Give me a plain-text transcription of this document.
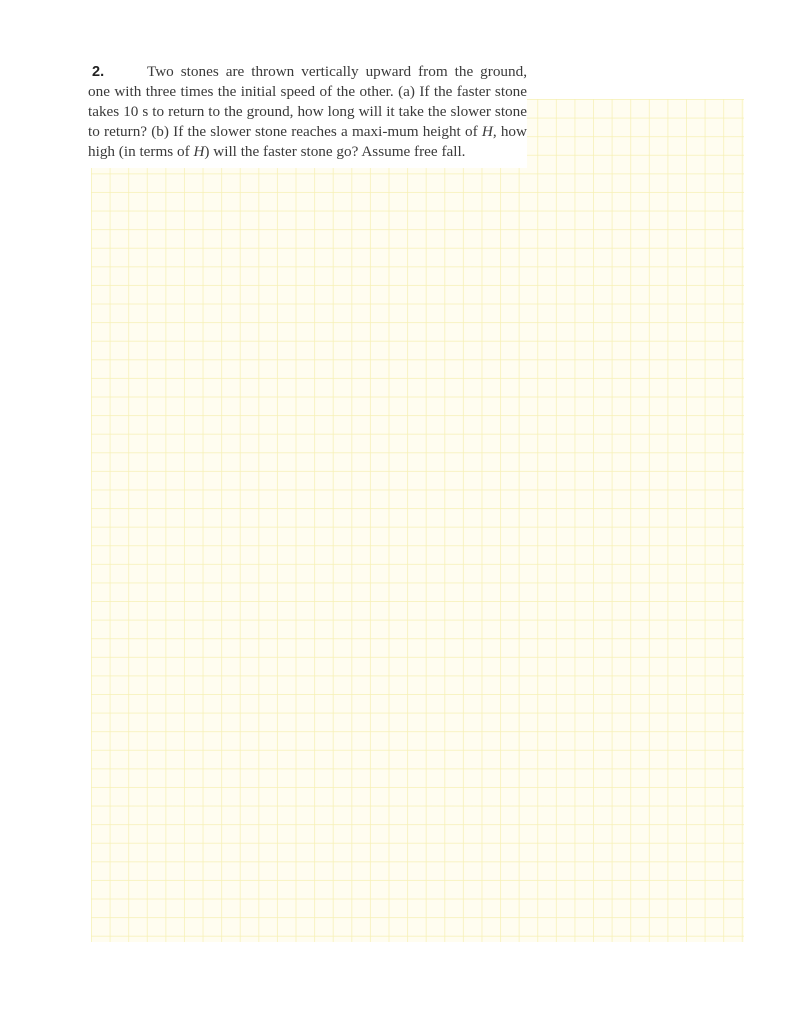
2.	Two stones are thrown vertically upward from the ground, one with three times the initial speed of the other. (a) If the faster stone takes 10 s to return to the ground, how long will it take the slower stone to return? (b) If the slower stone reaches a maxi-mum height of H, how high (in terms of H) will the faster stone go? Assume free fall.
